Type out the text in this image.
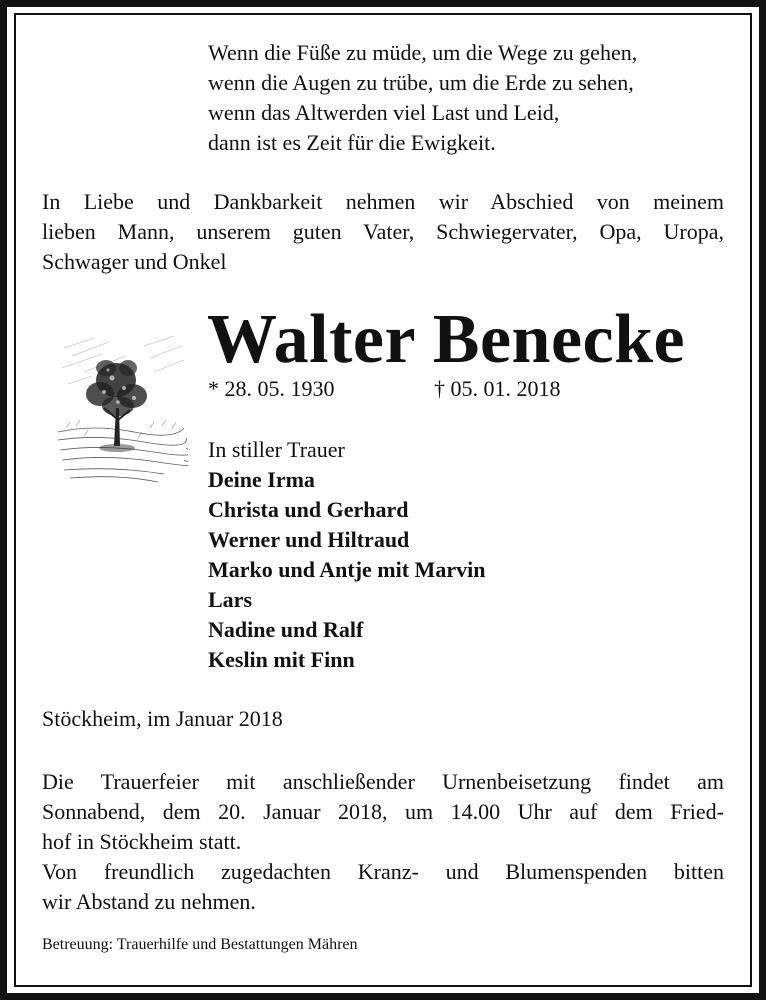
Wenn die Füße zu müde, um die Wege zu gehen,
wenn die Augen zu trübe, um die Erde zu sehen,
wenn das Altwerden viel Last und Leid,
dann ist es Zeit für die Ewigkeit.
In Liebe und Dankbarkeit nehmen wir Abschied von meinem
lieben Mann, unserem guten Vater, Schwiegervater, Opa, Uropa,
Schwager und Onkel
Walter Benecke
* 28. 05. 1930	† 05. 01. 2018
In stiller Trauer
Deine Irma
Christa und Gerhard
Werner und Hiltraud
Marko und Antje mit Marvin
Lars
Nadine und Ralf
Keslin mit Finn
Stöckheim, im Januar 2018
Die Trauerfeier mit anschließender Urnenbeisetzung findet am
Sonnabend, dem 20. Januar 2018, um 14.00 Uhr auf dem Fried-
hof in Stöckheim statt.
Von freundlich zugedachten Kranz- und Blumenspenden bitten
wir Abstand zu nehmen.
Betreuung: Trauerhilfe und Bestattungen Mähren
